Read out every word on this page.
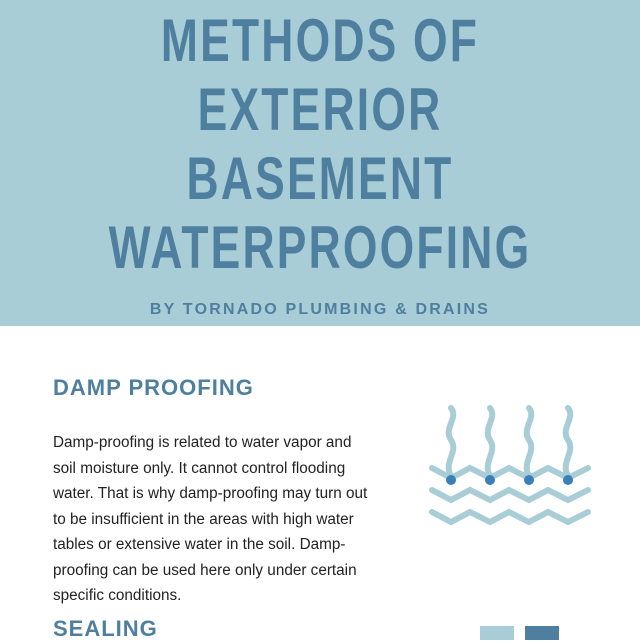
METHODS OF
EXTERIOR
BASEMENT
WATERPROOFING
BY TORNADO PLUMBING & DRAINS
DAMP PROOFING
Damp-proofing is related to water vapor and soil moisture only. It cannot control flooding water. That is why damp-proofing may turn out to be insufficient in the areas with high water tables or extensive water in the soil. Damp-proofing can be used here only under certain specific conditions.
SEALING
